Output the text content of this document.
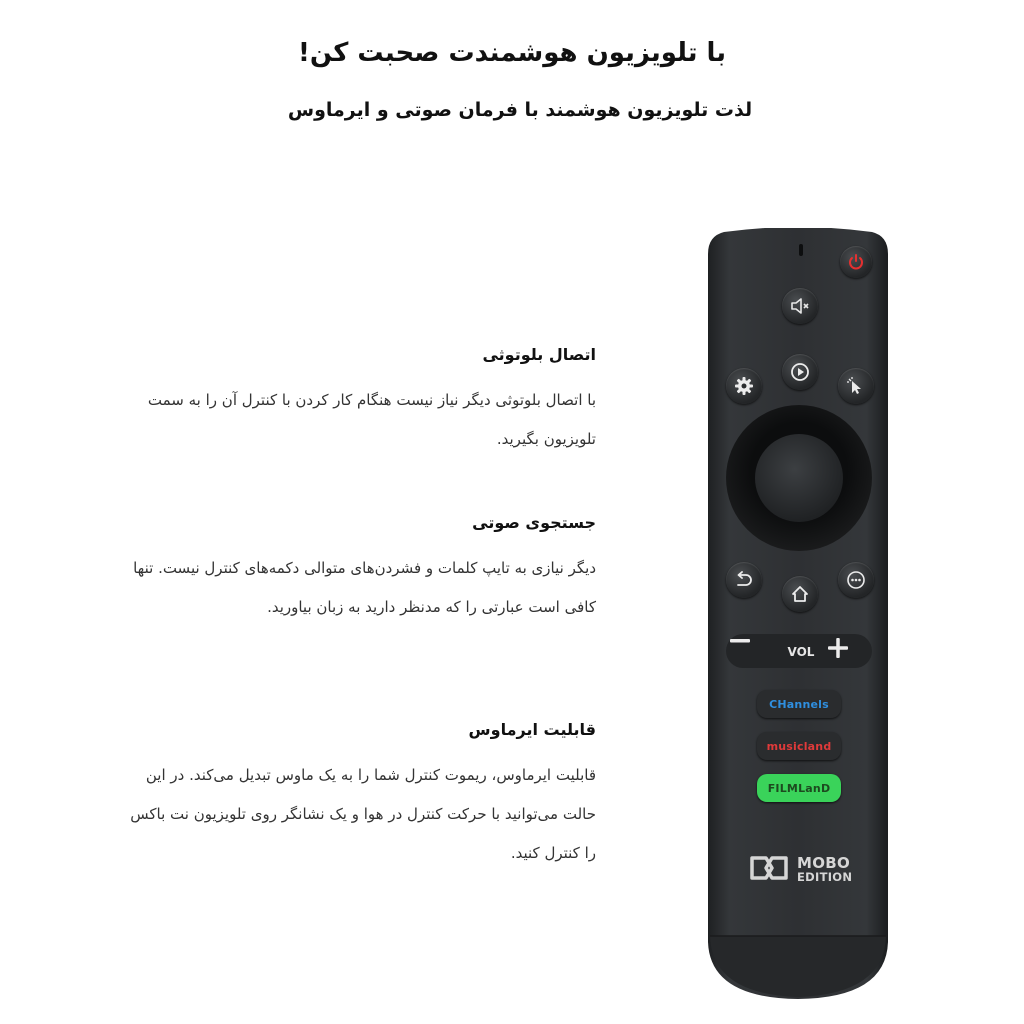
با تلویزیون هوشمندت صحبت کن!
لذت تلویزیون هوشمند با فرمان صوتی و ایرماوس
اتصال بلوتوثی
با اتصال بلوتوثی دیگر نیاز نیست هنگام کار کردن با کنترل آن را به سمت تلویزیون بگیرید.
جستجوی صوتی
دیگر نیازی به تایپ کلمات و فشردن‌های متوالی دکمه‌های کنترل نیست. تنها کافی است عبارتی را که مدنظر دارید به زبان بیاورید.
قابلیت ایرماوس
قابلیت ایرماوس، ریموت کنترل شما را به یک ماوس تبدیل می‌کند. در این حالت می‌توانید با حرکت کنترل در هوا و یک نشانگر روی تلویزیون نت باکس را کنترل کنید.
VOL
CHannels
musicland
FILMLanD
MOBO
EDITION
